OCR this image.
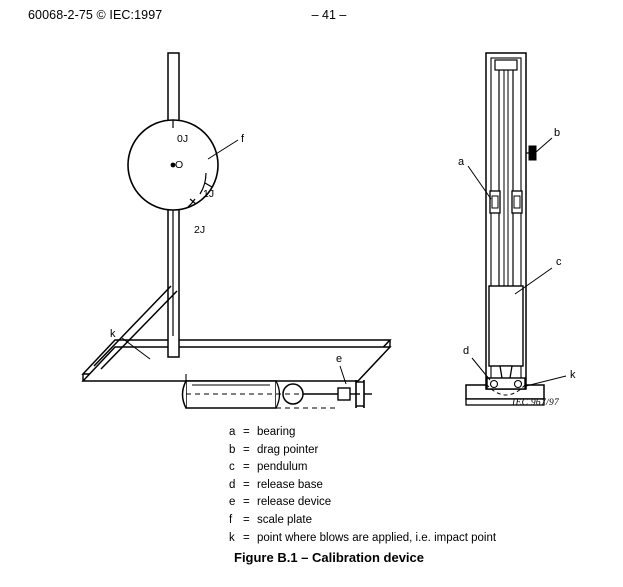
60068-2-75 © IEC:1997	– 41 –
O
0J
1J
2J
f
k
e
a
b
c
d
k
IEC 967/97
a = bearing
b = drag pointer
c = pendulum
d = release base
e = release device
f = scale plate
k = point where blows are applied, i.e. impact point
Figure B.1 – Calibration device
